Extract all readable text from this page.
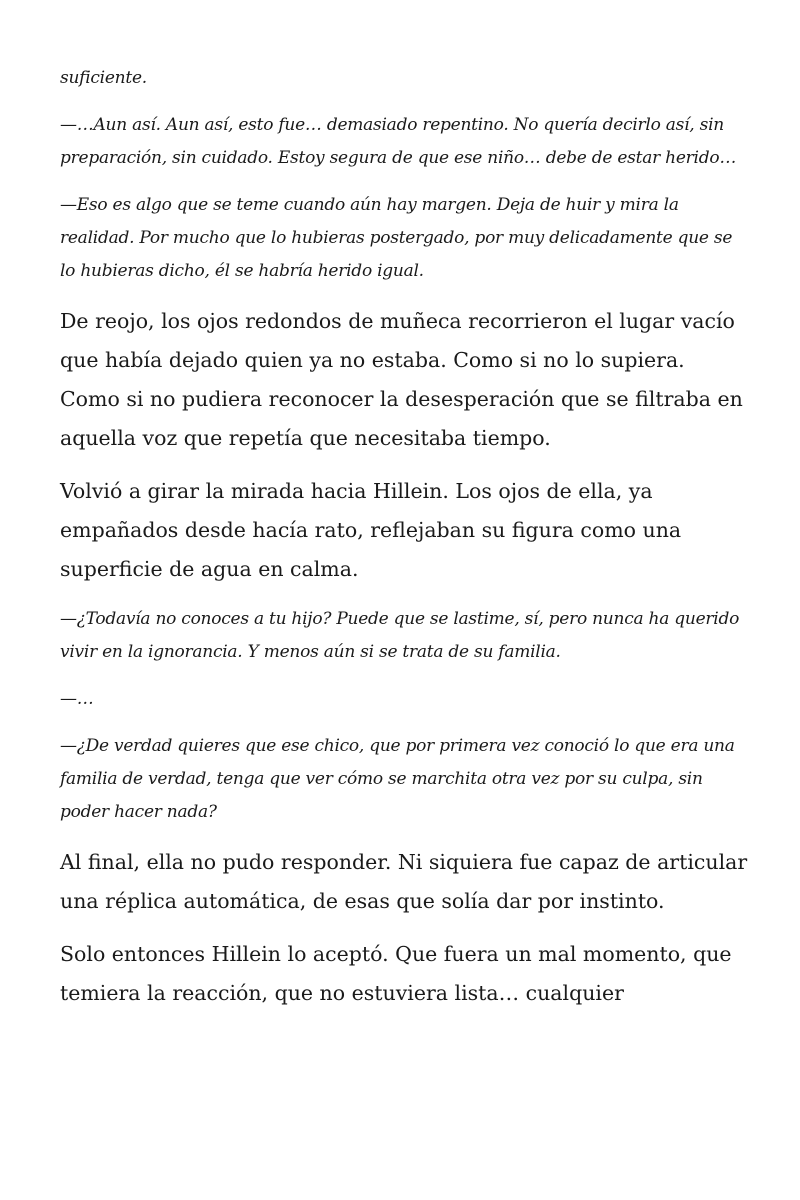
suficiente.

—…Aun así. Aun así, esto fue… demasiado repentino. No quería decirlo así, sin preparación, sin cuidado. Estoy segura de que ese niño… debe de estar herido…

—Eso es algo que se teme cuando aún hay margen. Deja de huir y mira la realidad. Por mucho que lo hubieras postergado, por muy delicadamente que se lo hubieras dicho, él se habría herido igual.

De reojo, los ojos redondos de muñeca recorrieron el lugar vacío que había dejado quien ya no estaba. Como si no lo supiera. Como si no pudiera reconocer la desesperación que se filtraba en aquella voz que repetía que necesitaba tiempo.

Volvió a girar la mirada hacia Hillein. Los ojos de ella, ya empañados desde hacía rato, reflejaban su figura como una superficie de agua en calma.

—¿Todavía no conoces a tu hijo? Puede que se lastime, sí, pero nunca ha querido vivir en la ignorancia. Y menos aún si se trata de su familia.

—…

—¿De verdad quieres que ese chico, que por primera vez conoció lo que era una familia de verdad, tenga que ver cómo se marchita otra vez por su culpa, sin poder hacer nada?

Al final, ella no pudo responder. Ni siquiera fue capaz de articular una réplica automática, de esas que solía dar por instinto.

Solo entonces Hillein lo aceptó. Que fuera un mal momento, que temiera la reacción, que no estuviera lista… cualquier
